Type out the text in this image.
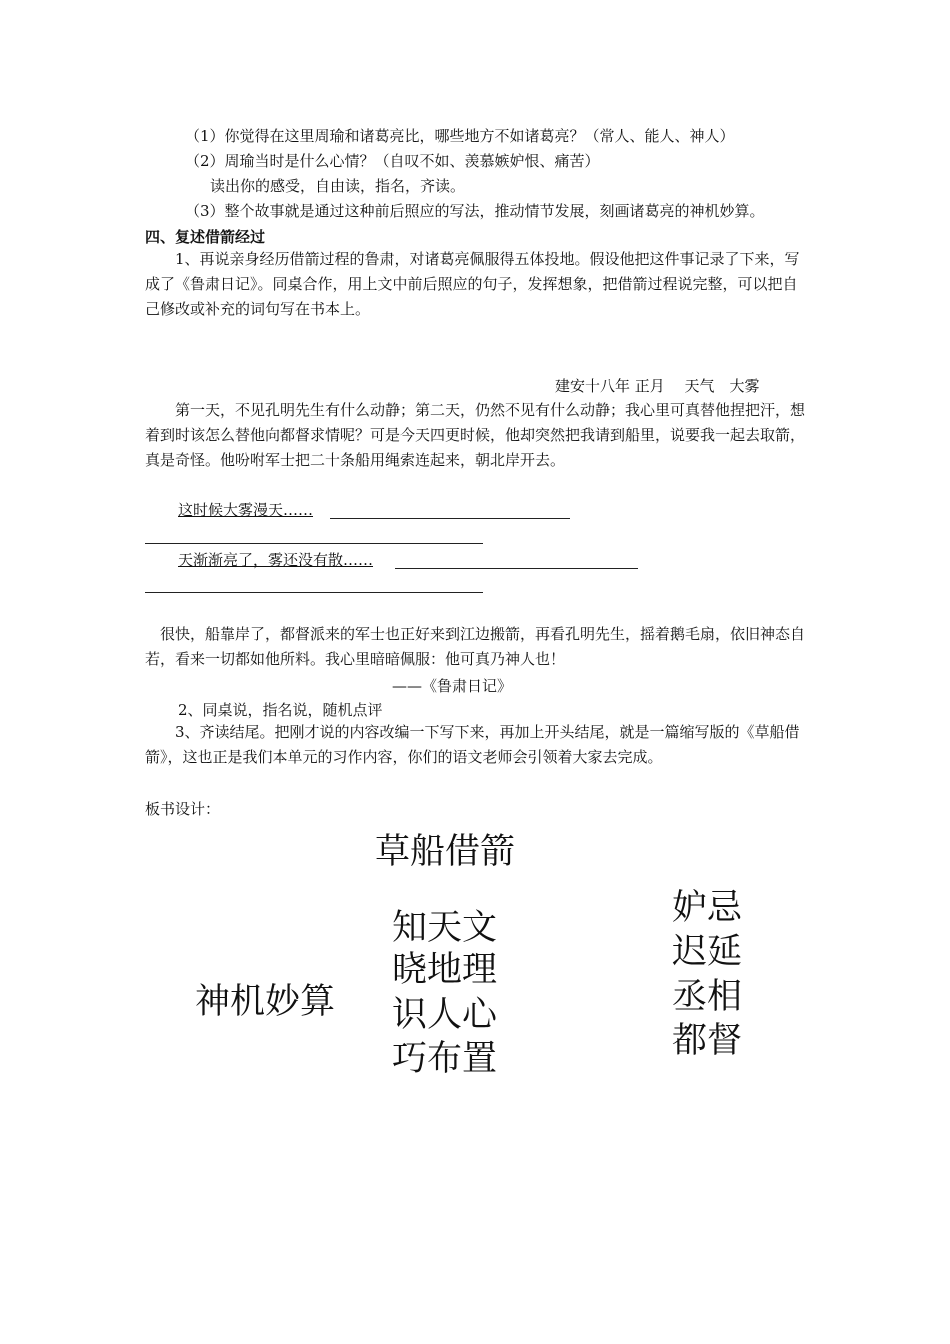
（1）你觉得在这里周瑜和诸葛亮比，哪些地方不如诸葛亮？（常人、能人、神人）
（2）周瑜当时是什么心情？（自叹不如、羡慕嫉妒恨、痛苦）
读出你的感受，自由读，指名，齐读。
（3）整个故事就是通过这种前后照应的写法，推动情节发展，刻画诸葛亮的神机妙算。
四、复述借箭经过
1、再说亲身经历借箭过程的鲁肃，对诸葛亮佩服得五体投地。假设他把这件事记录了下来，写成了《鲁肃日记》。同桌合作，用上文中前后照应的句子，发挥想象，把借箭过程说完整，可以把自己修改或补充的词句写在书本上。
建安十八年 正月　 天气　大雾
第一天，不见孔明先生有什么动静；第二天，仍然不见有什么动静；我心里可真替他捏把汗，想着到时该怎么替他向都督求情呢？可是今天四更时候，他却突然把我请到船里，说要我一起去取箭，真是奇怪。他吩咐军士把二十条船用绳索连起来，朝北岸开去。
这时候大雾漫天……
天渐渐亮了，雾还没有散……
很快，船靠岸了，都督派来的军士也正好来到江边搬箭，再看孔明先生，摇着鹅毛扇，依旧神态自若，看来一切都如他所料。我心里暗暗佩服：他可真乃神人也！
——《鲁肃日记》
2、同桌说，指名说，随机点评
3、齐读结尾。把刚才说的内容改编一下写下来，再加上开头结尾，就是一篇缩写版的《草船借箭》，这也正是我们本单元的习作内容，你们的语文老师会引领着大家去完成。
板书设计：
草船借箭
神机妙算
知天文
晓地理
识人心
巧布置
妒忌
迟延
丞相
都督
